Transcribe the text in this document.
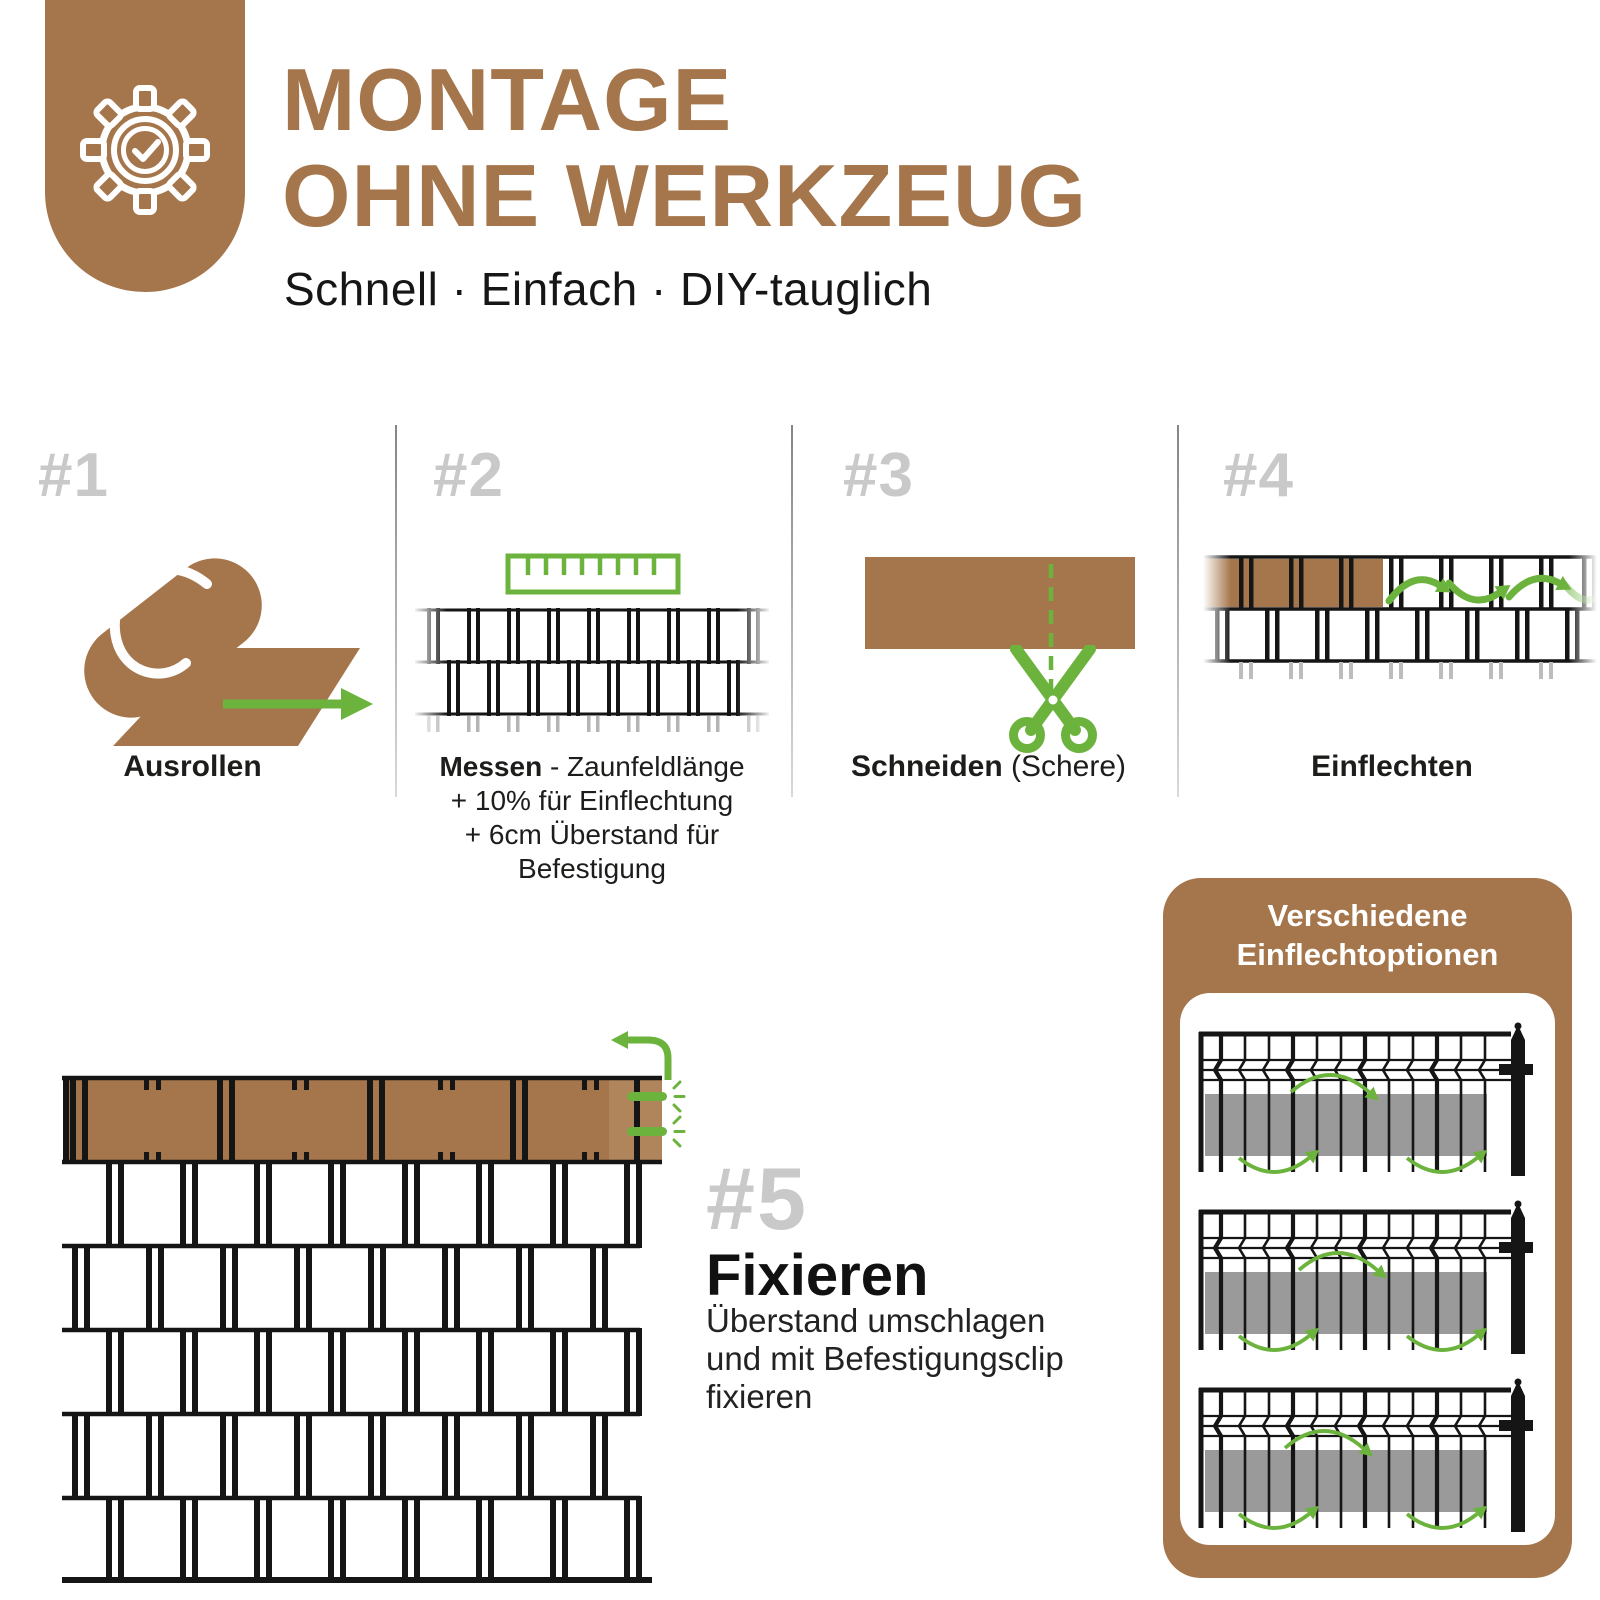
MONTAGE
OHNE WERKZEUG
Schnell · Einfach · DIY-tauglich
#1	#2	#3	#4
Ausrollen	Messen - Zaunfeldlänge
+ 10% für Einflechtung
+ 6cm Überstand für
Befestigung
Schneiden (Schere)	Einflechten
#5
Fixieren
Überstand umschlagen
und mit Befestigungsclip
fixieren
Verschiedene
Einflechtoptionen
